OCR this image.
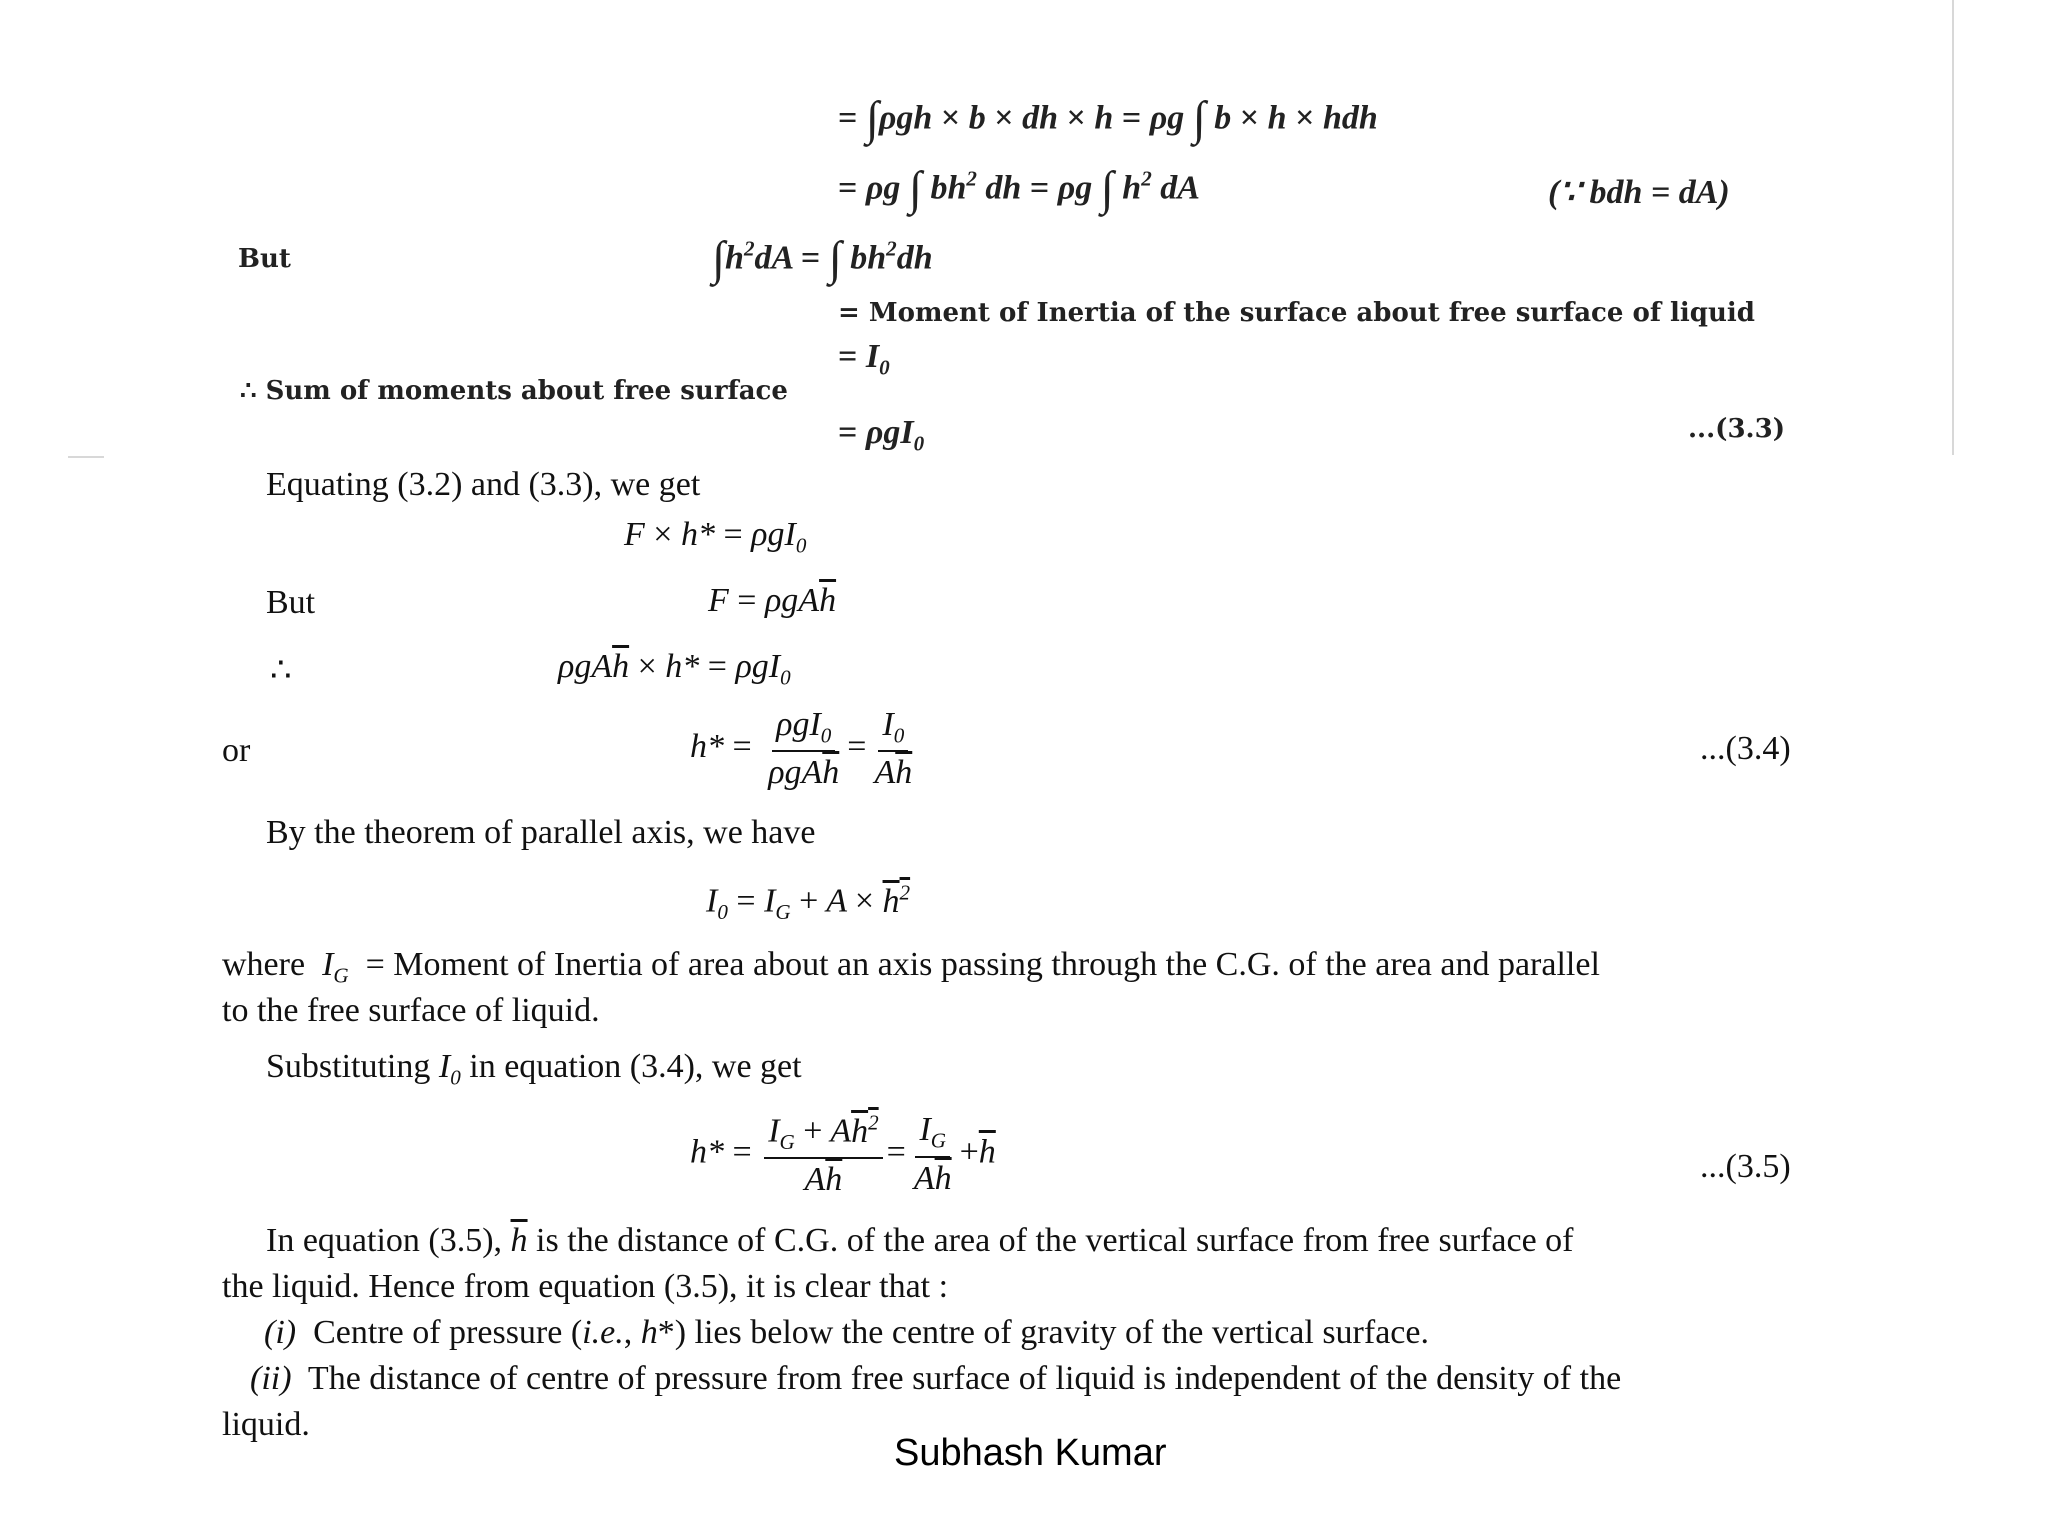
= ∫ρgh × b × dh × h = ρg ∫ b × h × hdh
= ρg ∫ $bh^2$ dh = ρg ∫ $h^2$ dA	(∵ bdh = dA)
But	$\int h^2dA$ = ∫ $bh^2dh$
= Moment of Inertia of the surface about free surface of liquid
= $I_0$
∴ Sum of moments about free surface
= ρgI$_0$	...(3.3)
Equating (3.2) and (3.3), we get
F × h* = ρgI$_0$
But	$F = \rho gA\overline{h}$
∴	$\rho gA\overline{h} \times h* = \rho gI_0$
or	$h* = \frac{\rho gI_0}{\rho gA\overline{h}} = \frac{I_0}{A\overline{h}}$	...(3.4)
By the theorem of parallel axis, we have
$I_0 = I_G + A \times h^2$
where  $I_G$  = Moment of Inertia of area about an axis passing through the C.G. of the area and parallel
to the free surface of liquid.
Substituting $I_0$ in equation (3.4), we get
$h* = \frac{I_G + Ah^2}{A\overline{h}} = \frac{I_G}{A\overline{h}} +\overline{h}$	...(3.5)
In equation (3.5), $\overline{h}$ is the distance of C.G. of the area of the vertical surface from free surface of
the liquid. Hence from equation (3.5), it is clear that :
(i)  Centre of pressure (i.e., h*) lies below the centre of gravity of the vertical surface.
(ii)  The distance of centre of pressure from free surface of liquid is independent of the density of the
liquid.
Subhash Kumar
